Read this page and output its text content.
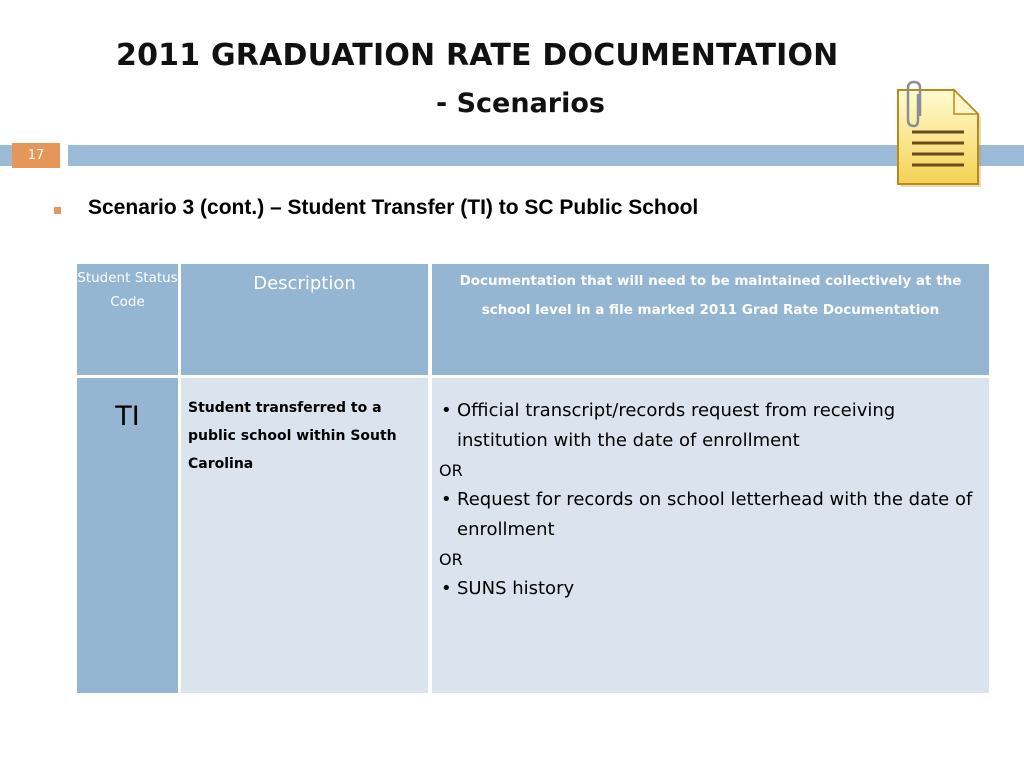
2011 GRADUATION RATE DOCUMENTATION
- Scenarios
17
Scenario 3 (cont.) – Student Transfer (TI) to SC Public School
Student Status Code
Description	Documentation that will need to be maintained collectively at the school level in a file marked 2011 Grad Rate Documentation
TI	Student transferred to a public school within South Carolina
• Official transcript/records request from receiving institution with the date of enrollment
OR
• Request for records on school letterhead with the date of enrollment
OR
• SUNS history
